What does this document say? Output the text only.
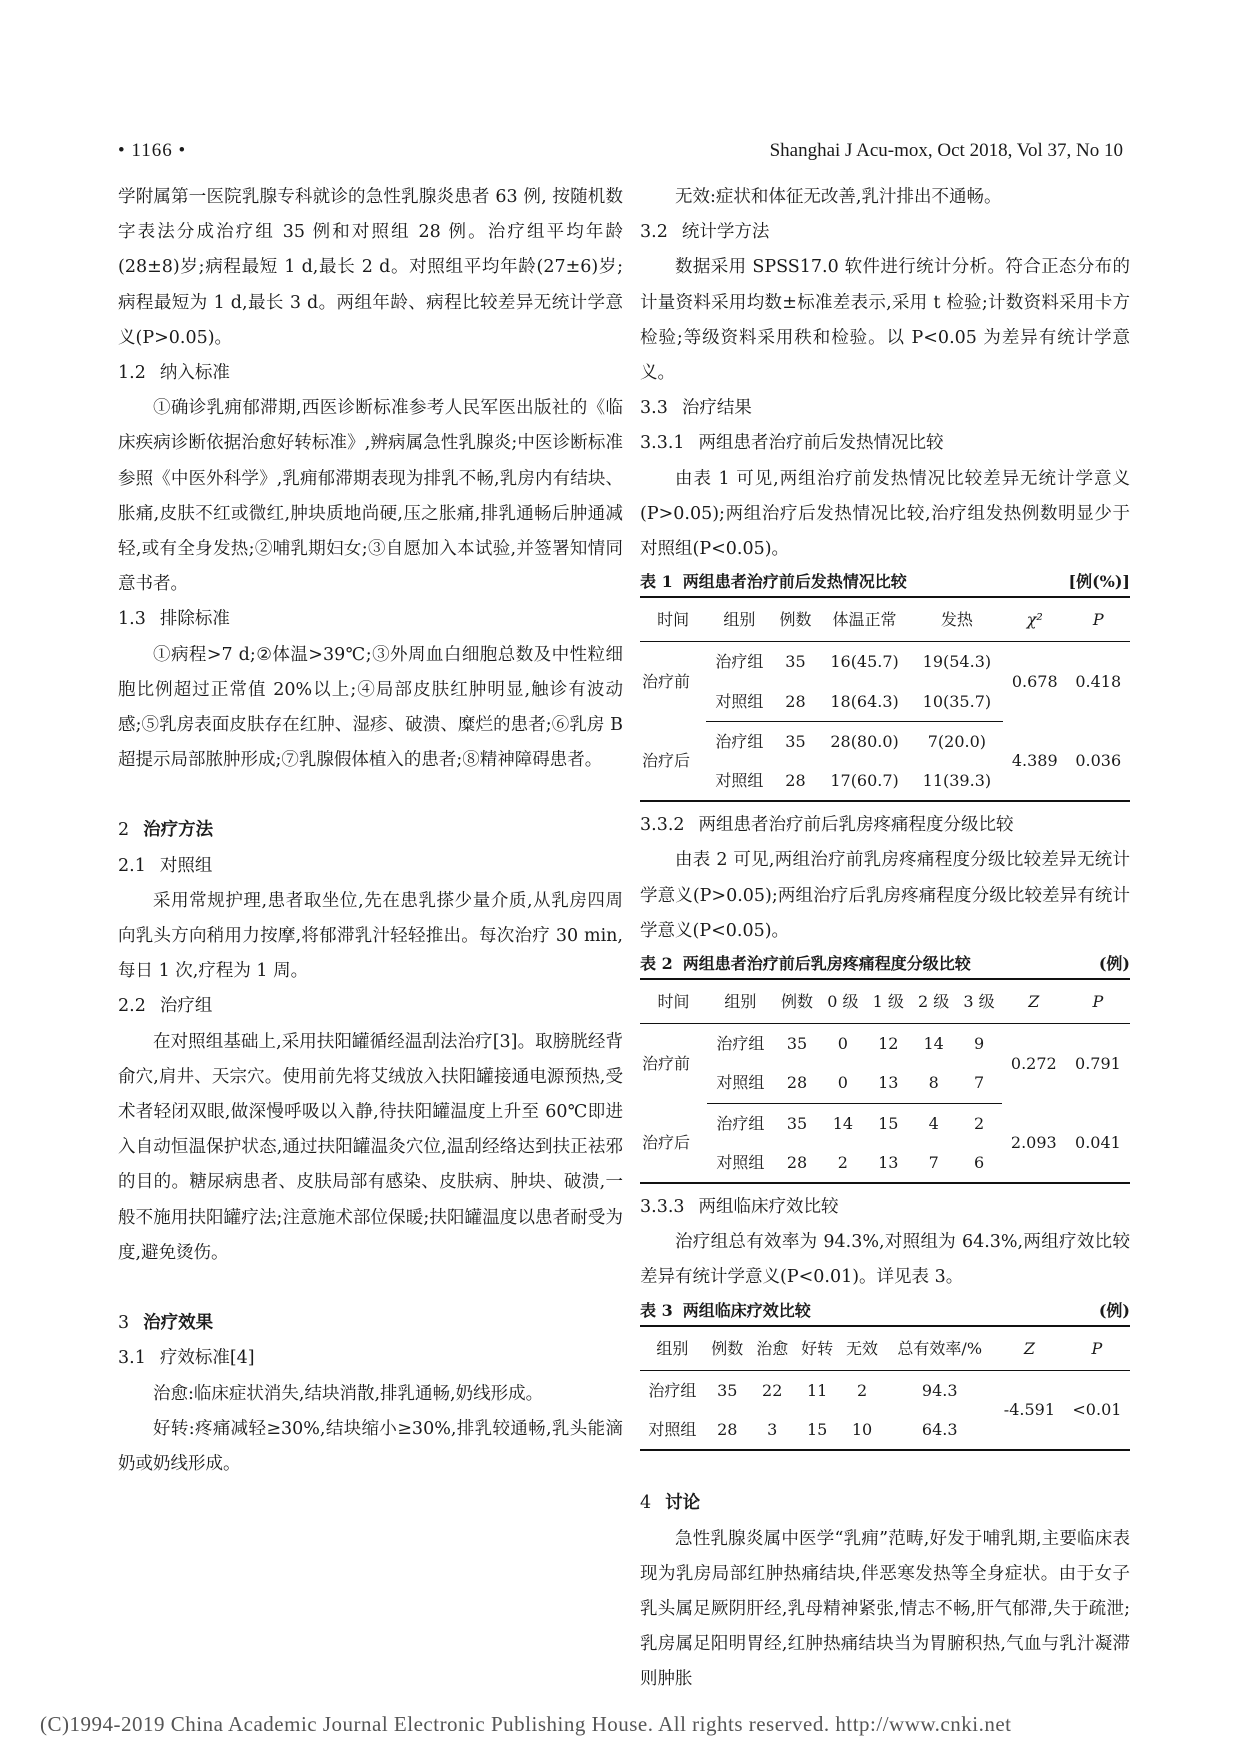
• 1166 •	Shanghai J Acu-mox, Oct 2018, Vol 37, No 10

学附属第一医院乳腺专科就诊的急性乳腺炎患者 63 例, 按随机数字表法分成治疗组 35 例和对照组 28 例。治疗组平均年龄(28±8)岁;病程最短 1 d,最长 2 d。对照组平均年龄(27±6)岁;病程最短为 1 d,最长 3 d。两组年龄、病程比较差异无统计学意义(P>0.05)。

1.2 纳入标准

①确诊乳痈郁滞期,西医诊断标准参考人民军医出版社的《临床疾病诊断依据治愈好转标准》,辨病属急性乳腺炎;中医诊断标准参照《中医外科学》,乳痈郁滞期表现为排乳不畅,乳房内有结块、胀痛,皮肤不红或微红,肿块质地尚硬,压之胀痛,排乳通畅后肿通减轻,或有全身发热;②哺乳期妇女;③自愿加入本试验,并签署知情同意书者。

1.3 排除标准

①病程>7 d;②体温>39℃;③外周血白细胞总数及中性粒细胞比例超过正常值 20%以上;④局部皮肤红肿明显,触诊有波动感;⑤乳房表面皮肤存在红肿、湿疹、破溃、糜烂的患者;⑥乳房 B 超提示局部脓肿形成;⑦乳腺假体植入的患者;⑧精神障碍患者。

2 治疗方法
2.1 对照组

采用常规护理,患者取坐位,先在患乳搽少量介质,从乳房四周向乳头方向稍用力按摩,将郁滞乳汁轻轻推出。每次治疗 30 min,每日 1 次,疗程为 1 周。

2.2 治疗组

在对照组基础上,采用扶阳罐循经温刮法治疗[3]。取膀胱经背俞穴,肩井、天宗穴。使用前先将艾绒放入扶阳罐接通电源预热,受术者轻闭双眼,做深慢呼吸以入静,待扶阳罐温度上升至 60℃即进入自动恒温保护状态,通过扶阳罐温灸穴位,温刮经络达到扶正祛邪的目的。糖尿病患者、皮肤局部有感染、皮肤病、肿块、破溃,一般不施用扶阳罐疗法;注意施术部位保暖;扶阳罐温度以患者耐受为度,避免烫伤。

3 治疗效果
3.1 疗效标准[4]

治愈:临床症状消失,结块消散,排乳通畅,奶线形成。

好转:疼痛减轻≥30%,结块缩小≥30%,排乳较通畅,乳头能滴奶或奶线形成。

无效:症状和体征无改善,乳汁排出不通畅。

3.2 统计学方法

数据采用 SPSS17.0 软件进行统计分析。符合正态分布的计量资料采用均数±标准差表示,采用 t 检验;计数资料采用卡方检验;等级资料采用秩和检验。以 P<0.05 为差异有统计学意义。

3.3 治疗结果
3.3.1 两组患者治疗前后发热情况比较

由表 1 可见,两组治疗前发热情况比较差异无统计学意义(P>0.05);两组治疗后发热情况比较,治疗组发热例数明显少于对照组(P<0.05)。

表 1 两组患者治疗前后发热情况比较	[例(%)]
时间	组别	例数	体温正常	发热	χ²	P
治疗前	治疗组	35	16(45.7)	19(54.3)	0.678	0.418
	对照组	28	18(64.3)	10(35.7)		
治疗后	治疗组	35	28(80.0)	7(20.0)	4.389	0.036
	对照组	28	17(60.7)	11(39.3)		
3.3.2 两组患者治疗前后乳房疼痛程度分级比较

由表 2 可见,两组治疗前乳房疼痛程度分级比较差异无统计学意义(P>0.05);两组治疗后乳房疼痛程度分级比较差异有统计学意义(P<0.05)。

表 2 两组患者治疗前后乳房疼痛程度分级比较	(例)
时间	组别	例数	0 级	1 级	2 级	3 级	Z	P
治疗前	治疗组	35	0	12	14	9	0.272	0.791
	对照组	28	0	13	8	7		
治疗后	治疗组	35	14	15	4	2	2.093	0.041
	对照组	28	2	13	7	6		
3.3.3 两组临床疗效比较

治疗组总有效率为 94.3%,对照组为 64.3%,两组疗效比较差异有统计学意义(P<0.01)。详见表 3。

表 3 两组临床疗效比较	(例)
组别	例数	治愈	好转	无效	总有效率/%	Z	P
治疗组	35	22	11	2	94.3	-4.591	<0.01
对照组	28	3	15	10	64.3		
4 讨论

急性乳腺炎属中医学“乳痈”范畴,好发于哺乳期,主要临床表现为乳房局部红肿热痛结块,伴恶寒发热等全身症状。由于女子乳头属足厥阴肝经,乳母精神紧张,情志不畅,肝气郁滞,失于疏泄;乳房属足阳明胃经,红肿热痛结块当为胃腑积热,气血与乳汁凝滞则肿胀

(C)1994-2019 China Academic Journal Electronic Publishing House. All rights reserved. http://www.cnki.net
